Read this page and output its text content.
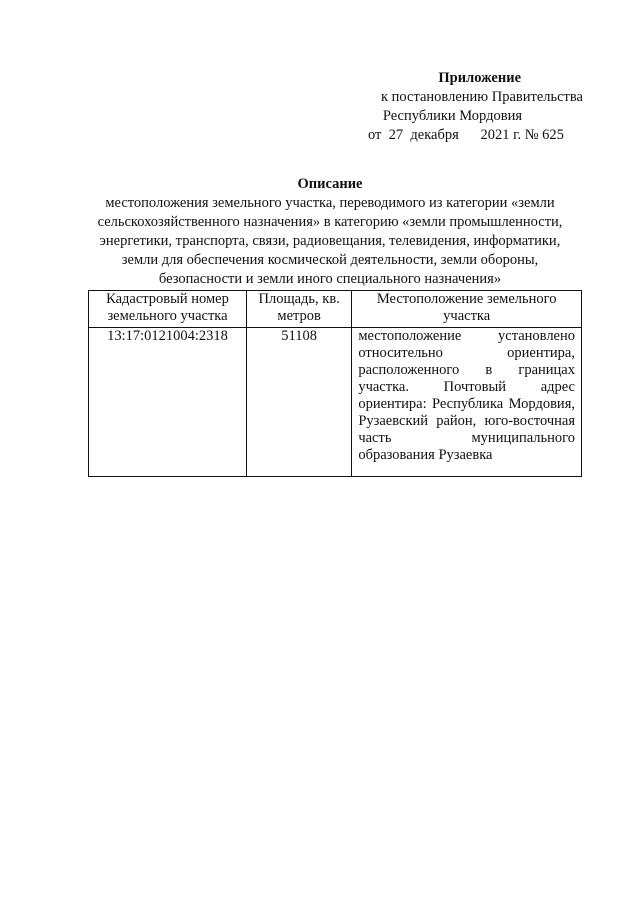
Приложение
к постановлению Правительства
Республики Мордовия
от  27  декабря      2021 г. № 625
Описание
местоположения земельного участка, переводимого из категории «земли сельскохозяйственного назначения» в категорию «земли промышленности, энергетики, транспорта, связи, радиовещания, телевидения, информатики, земли для обеспечения космической деятельности, земли обороны, безопасности и земли иного специального назначения»
Кадастровый номер земельного участка	Площадь, кв. метров	Местоположение земельного участка
13:17:0121004:2318	51108	местоположение установлено относительно ориентира, расположенного в границах участка. Почтовый адрес ориентира: Республика Мордовия, Рузаевский район, юго-восточная часть муниципального образования Рузаевка
